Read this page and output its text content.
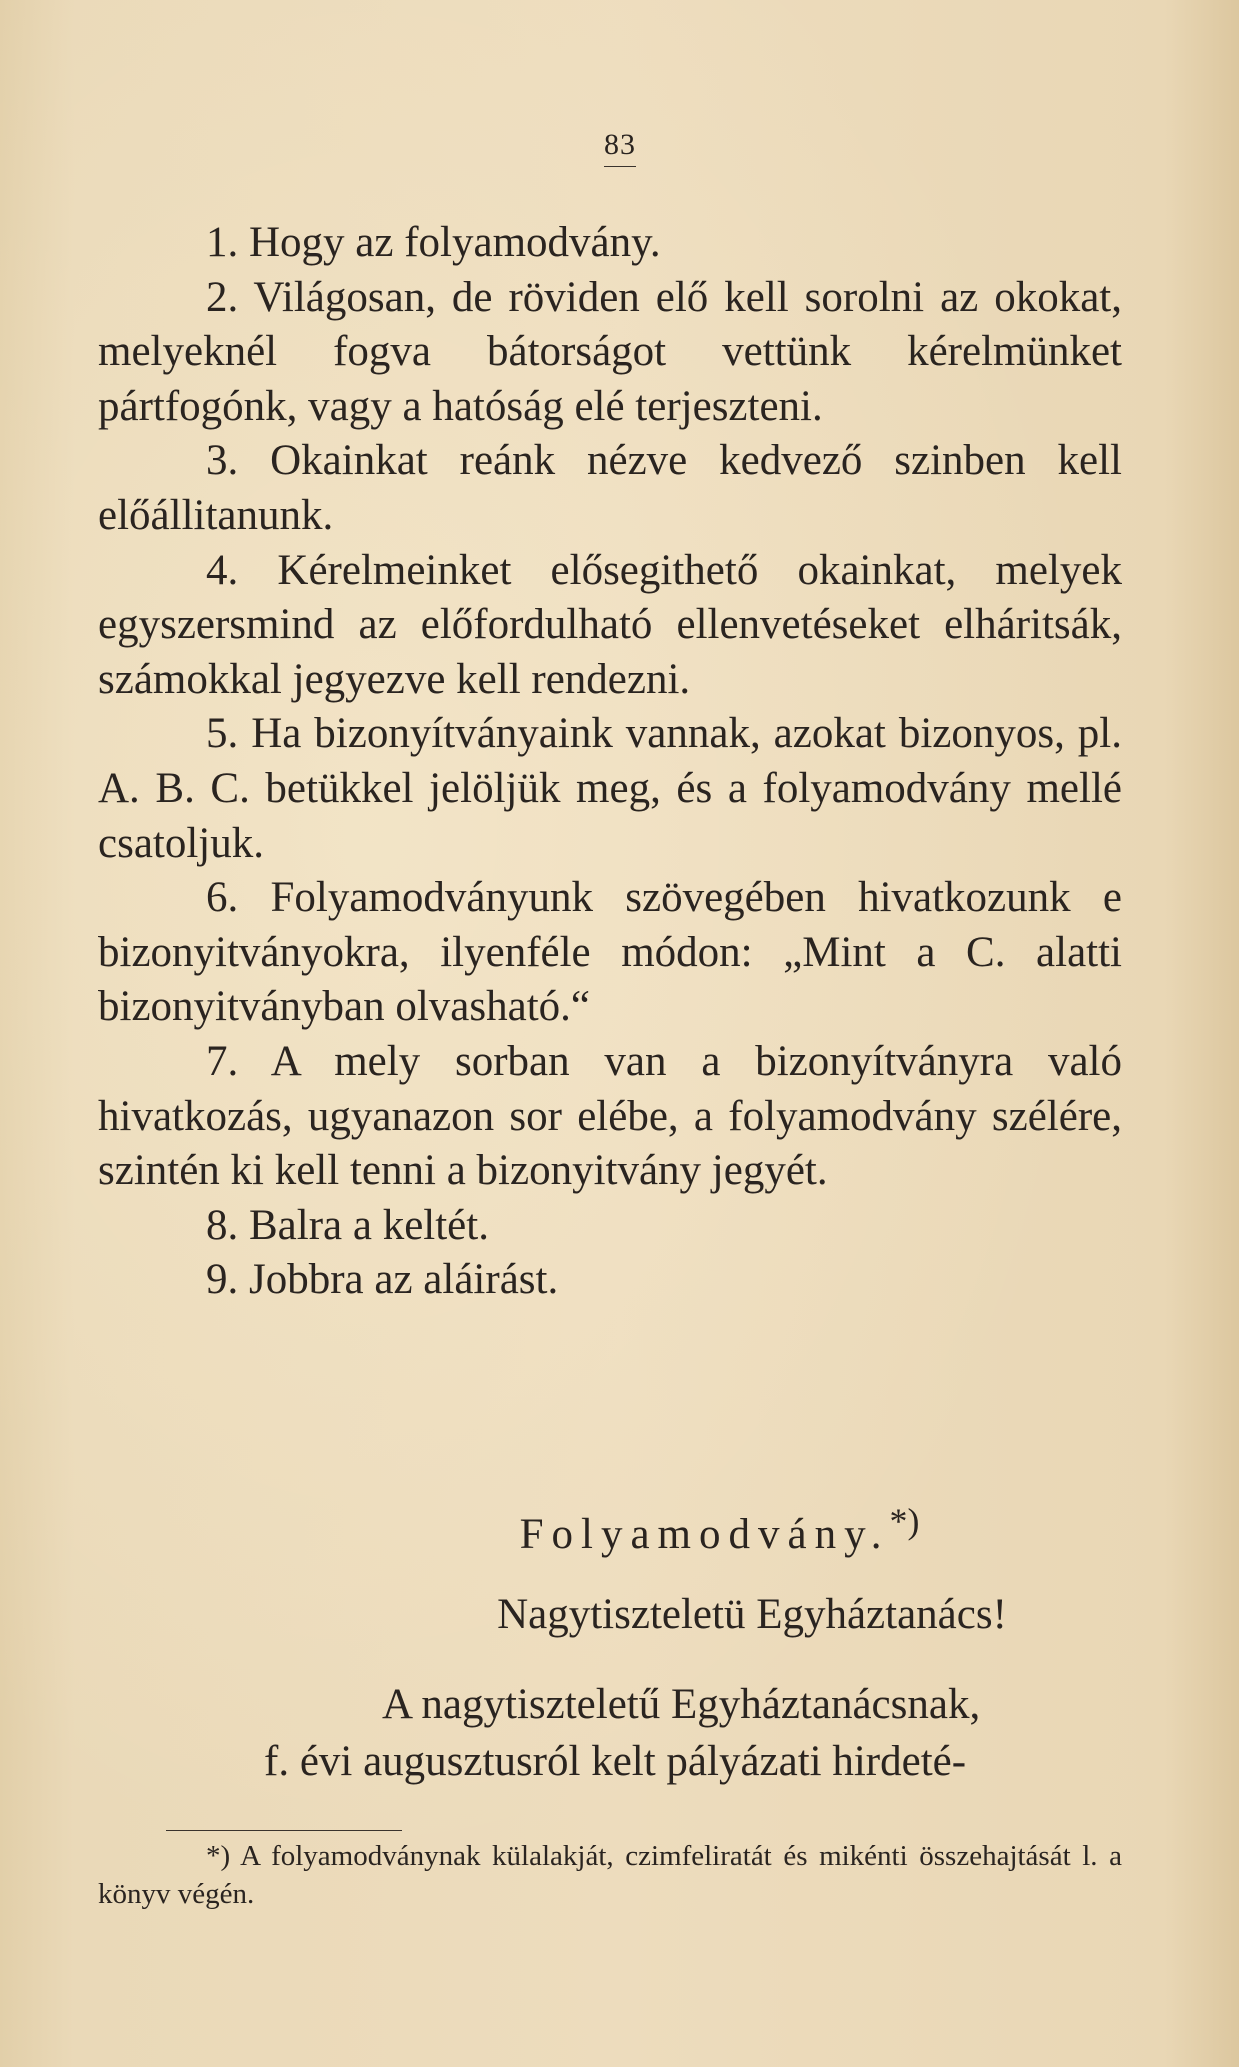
83

1. Hogy az folyamodvány.

2. Világosan, de röviden elő kell sorolni az okokat, melyeknél fogva bátorságot vettünk kérelmünket pártfogónk, vagy a hatóság elé terjeszteni.

3. Okainkat reánk nézve kedvező szinben kell előállitanunk.

4. Kérelmeinket elősegithető okainkat, melyek egyszersmind az előfordulható ellenvetéseket elháritsák, számokkal jegyezve kell rendezni.

5. Ha bizonyítványaink vannak, azokat bizonyos, pl. A. B. C. betükkel jelöljük meg, és a folyamodvány mellé csatoljuk.

6. Folyamodványunk szövegében hivatkozunk e bizonyitványokra, ilyenféle módon: „Mint a C. alatti bizonyitványban olvasható.“

7. A mely sorban van a bizonyítványra való hivatkozás, ugyanazon sor elébe, a folyamodvány szélére, szintén ki kell tenni a bizonyitvány jegyét.

8. Balra a keltét.

9. Jobbra az aláirást.

Folyamodvány.*)
Nagytiszteletü Egyháztanács!

A nagytiszteletű Egyháztanácsnak,

f. évi augusztusról kelt pályázati hirdeté-

*) A folyamodványnak külalakját, czimfeliratát és mikénti összehajtását l. a könyv végén.
